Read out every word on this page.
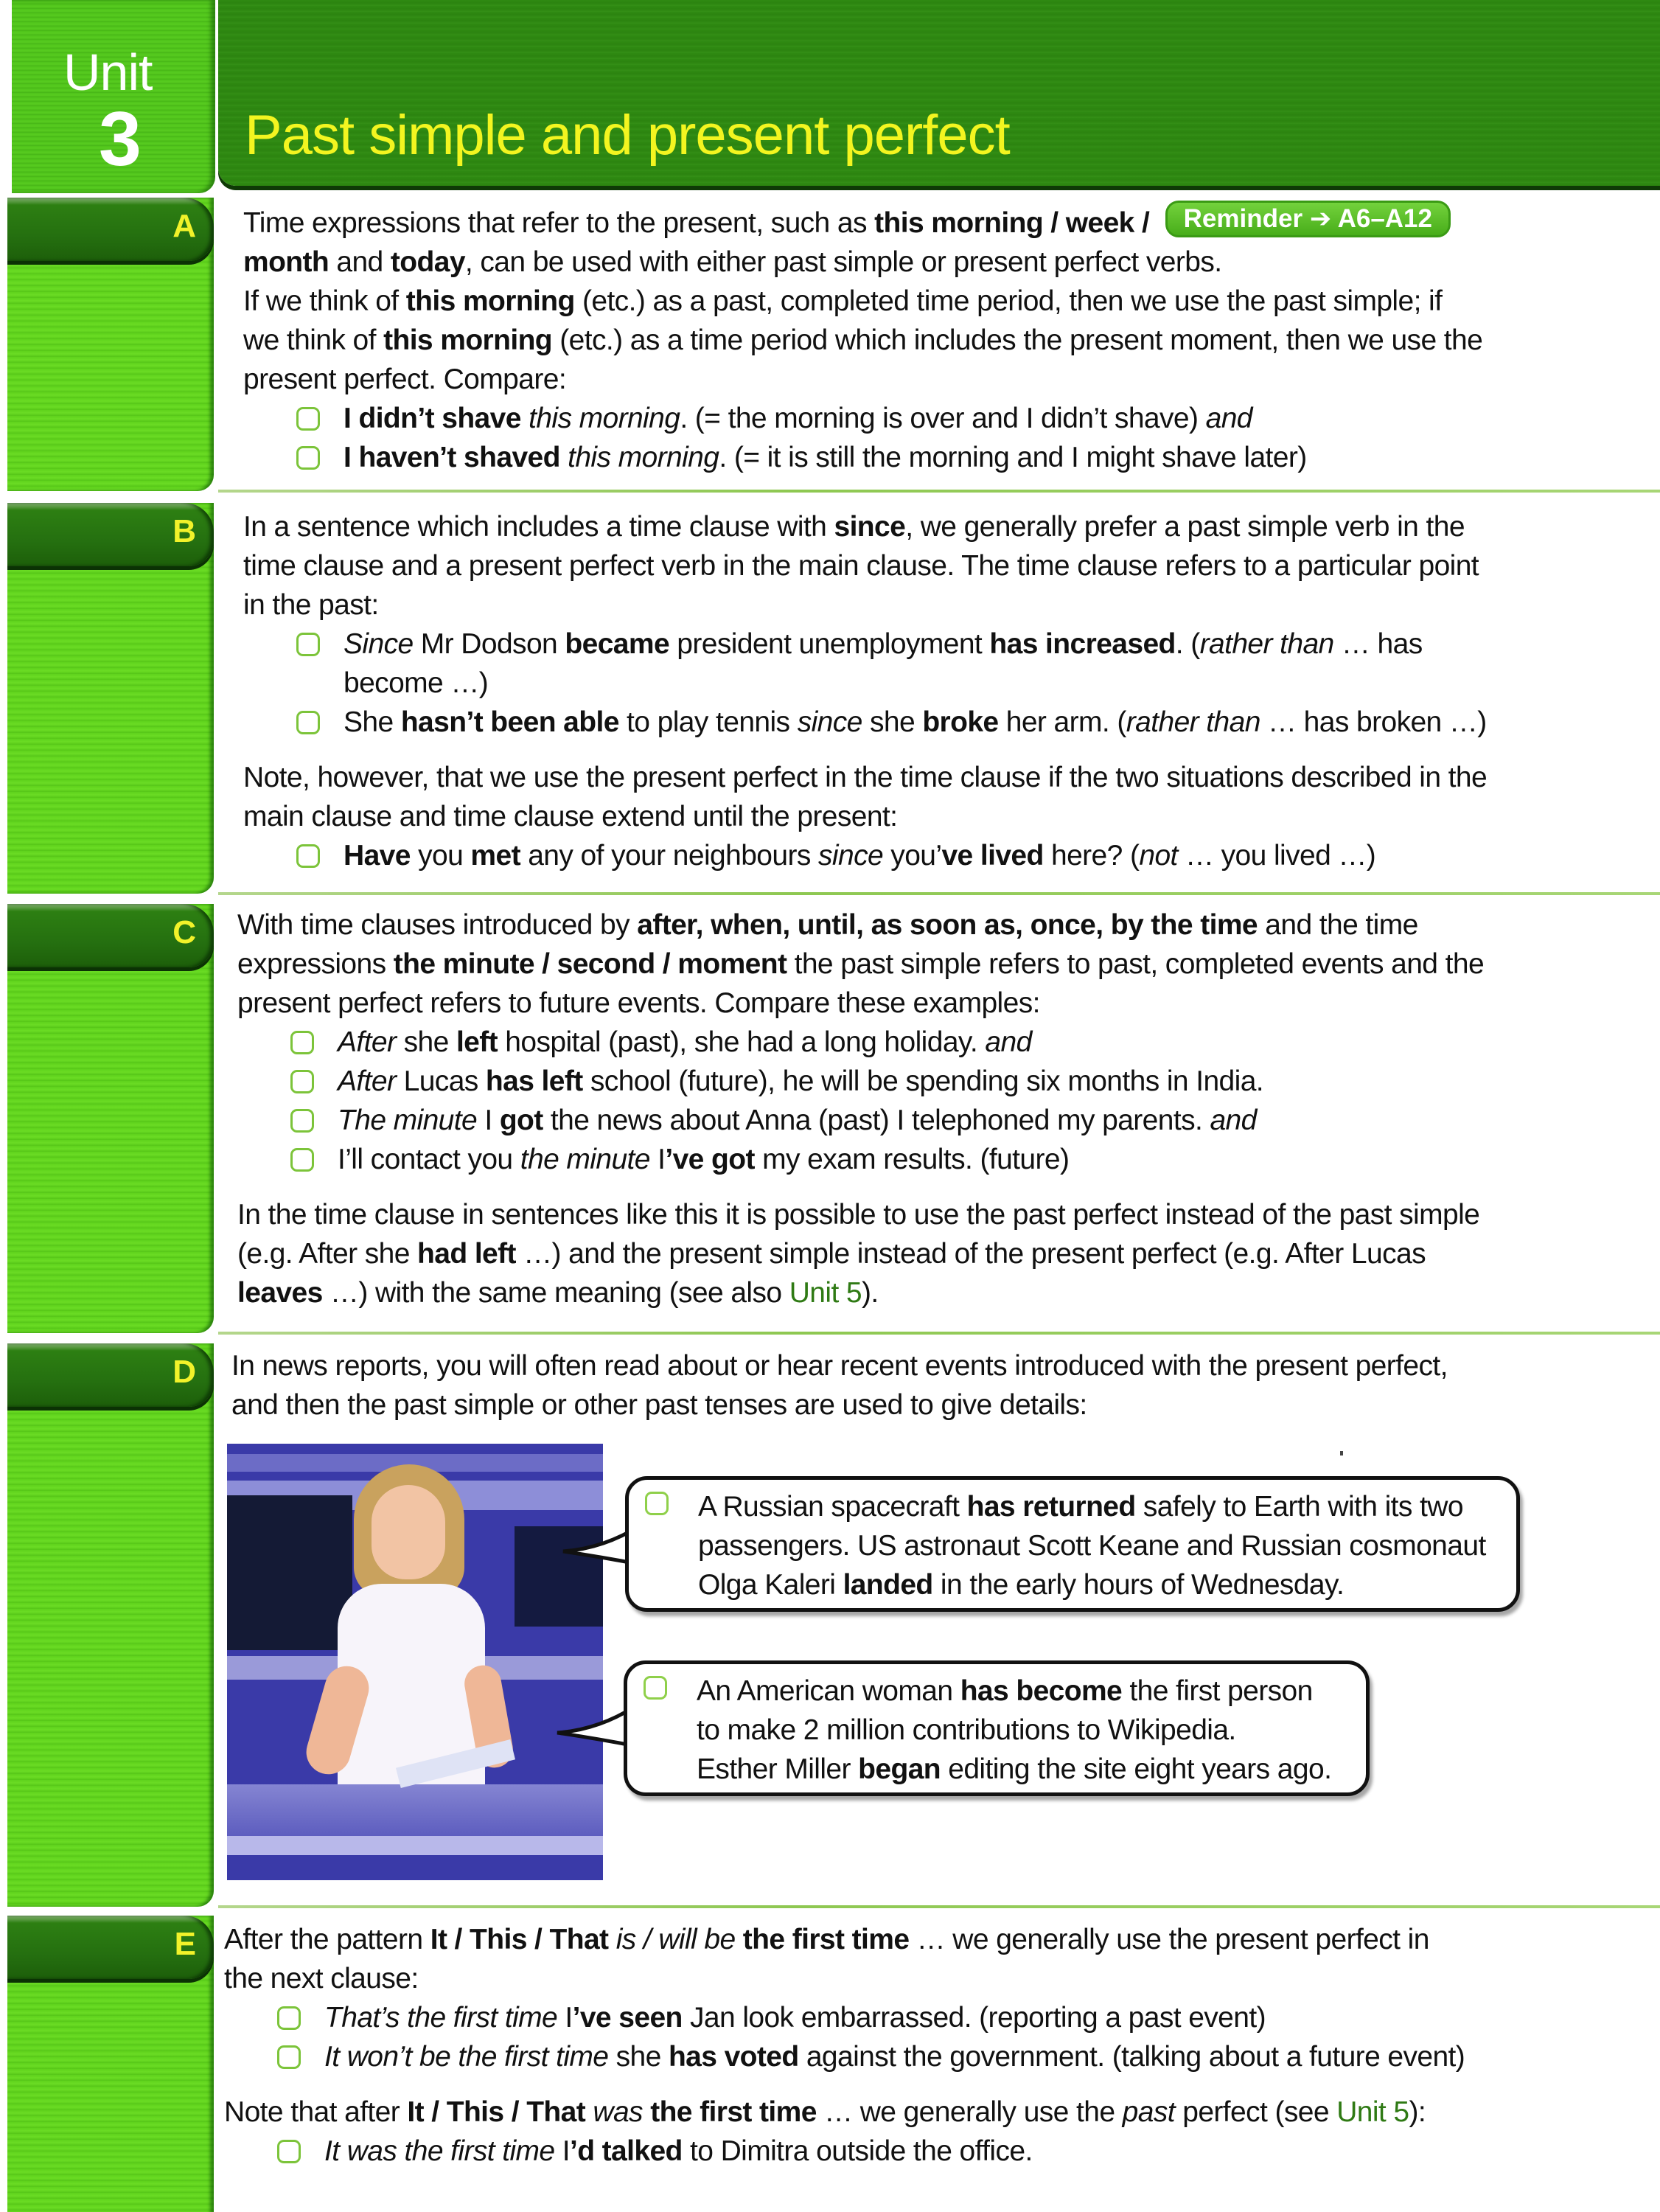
Unit
3 Past simple and present perfect
Reminder ➔ A6–A12
A Time expressions that refer to the present, such as this morning / week /
month and today, can be used with either past simple or present perfect verbs.
If we think of this morning (etc.) as a past, completed time period, then we use the past simple; if
we think of this morning (etc.) as a time period which includes the present moment, then we use the
present perfect. Compare:
I didn’t shave this morning. (= the morning is over and I didn’t shave) and
I haven’t shaved this morning. (= it is still the morning and I might shave later)
B In a sentence which includes a time clause with since, we generally prefer a past simple verb in the
time clause and a present perfect verb in the main clause. The time clause refers to a particular point
in the past:
Since Mr Dodson became president unemployment has increased. (rather than … has
become …)
She hasn’t been able to play tennis since she broke her arm. (rather than … has broken …)
Note, however, that we use the present perfect in the time clause if the two situations described in the
main clause and time clause extend until the present:
Have you met any of your neighbours since you’ve lived here? (not … you lived …)
C With time clauses introduced by after, when, until, as soon as, once, by the time and the time
expressions the minute / second / moment the past simple refers to past, completed events and the
present perfect refers to future events. Compare these examples:
After she left hospital (past), she had a long holiday. and
After Lucas has left school (future), he will be spending six months in India.
The minute I got the news about Anna (past) I telephoned my parents. and
I’ll contact you the minute I’ve got my exam results. (future)
In the time clause in sentences like this it is possible to use the past perfect instead of the past simple
(e.g. After she had left …) and the present simple instead of the present perfect (e.g. After Lucas
leaves …) with the same meaning (see also Unit 5).
D In news reports, you will often read about or hear recent events introduced with the present perfect,
and then the past simple or other past tenses are used to give details:
A Russian spacecraft has returned safely to Earth with its two
passengers. US astronaut Scott Keane and Russian cosmonaut
Olga Kaleri landed in the early hours of Wednesday.
An American woman has become the first person
to make 2 million contributions to Wikipedia.
Esther Miller began editing the site eight years ago.
E After the pattern It / This / That is / will be the first time … we generally use the present perfect in
the next clause:
That’s the first time I’ve seen Jan look embarrassed. (reporting a past event)
It won’t be the first time she has voted against the government. (talking about a future event)
Note that after It / This / That was the first time … we generally use the past perfect (see Unit 5):
It was the first time I’d talked to Dimitra outside the office.
